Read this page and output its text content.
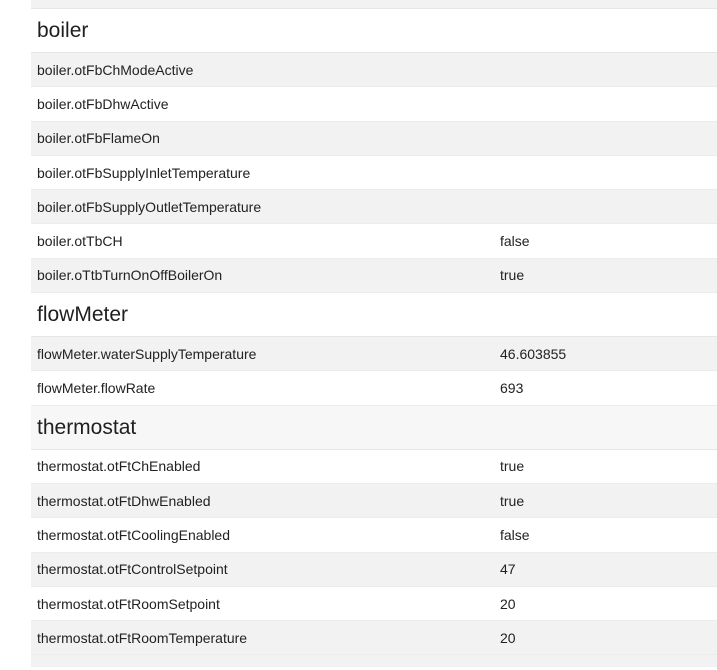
boiler
boiler.otFbChModeActive
boiler.otFbDhwActive
boiler.otFbFlameOn
boiler.otFbSupplyInletTemperature
boiler.otFbSupplyOutletTemperature
boiler.otTbCH	false
boiler.oTtbTurnOnOffBoilerOn	true
flowMeter
flowMeter.waterSupplyTemperature	46.603855
flowMeter.flowRate	693
thermostat
thermostat.otFtChEnabled	true
thermostat.otFtDhwEnabled	true
thermostat.otFtCoolingEnabled	false
thermostat.otFtControlSetpoint	47
thermostat.otFtRoomSetpoint	20
thermostat.otFtRoomTemperature	20
